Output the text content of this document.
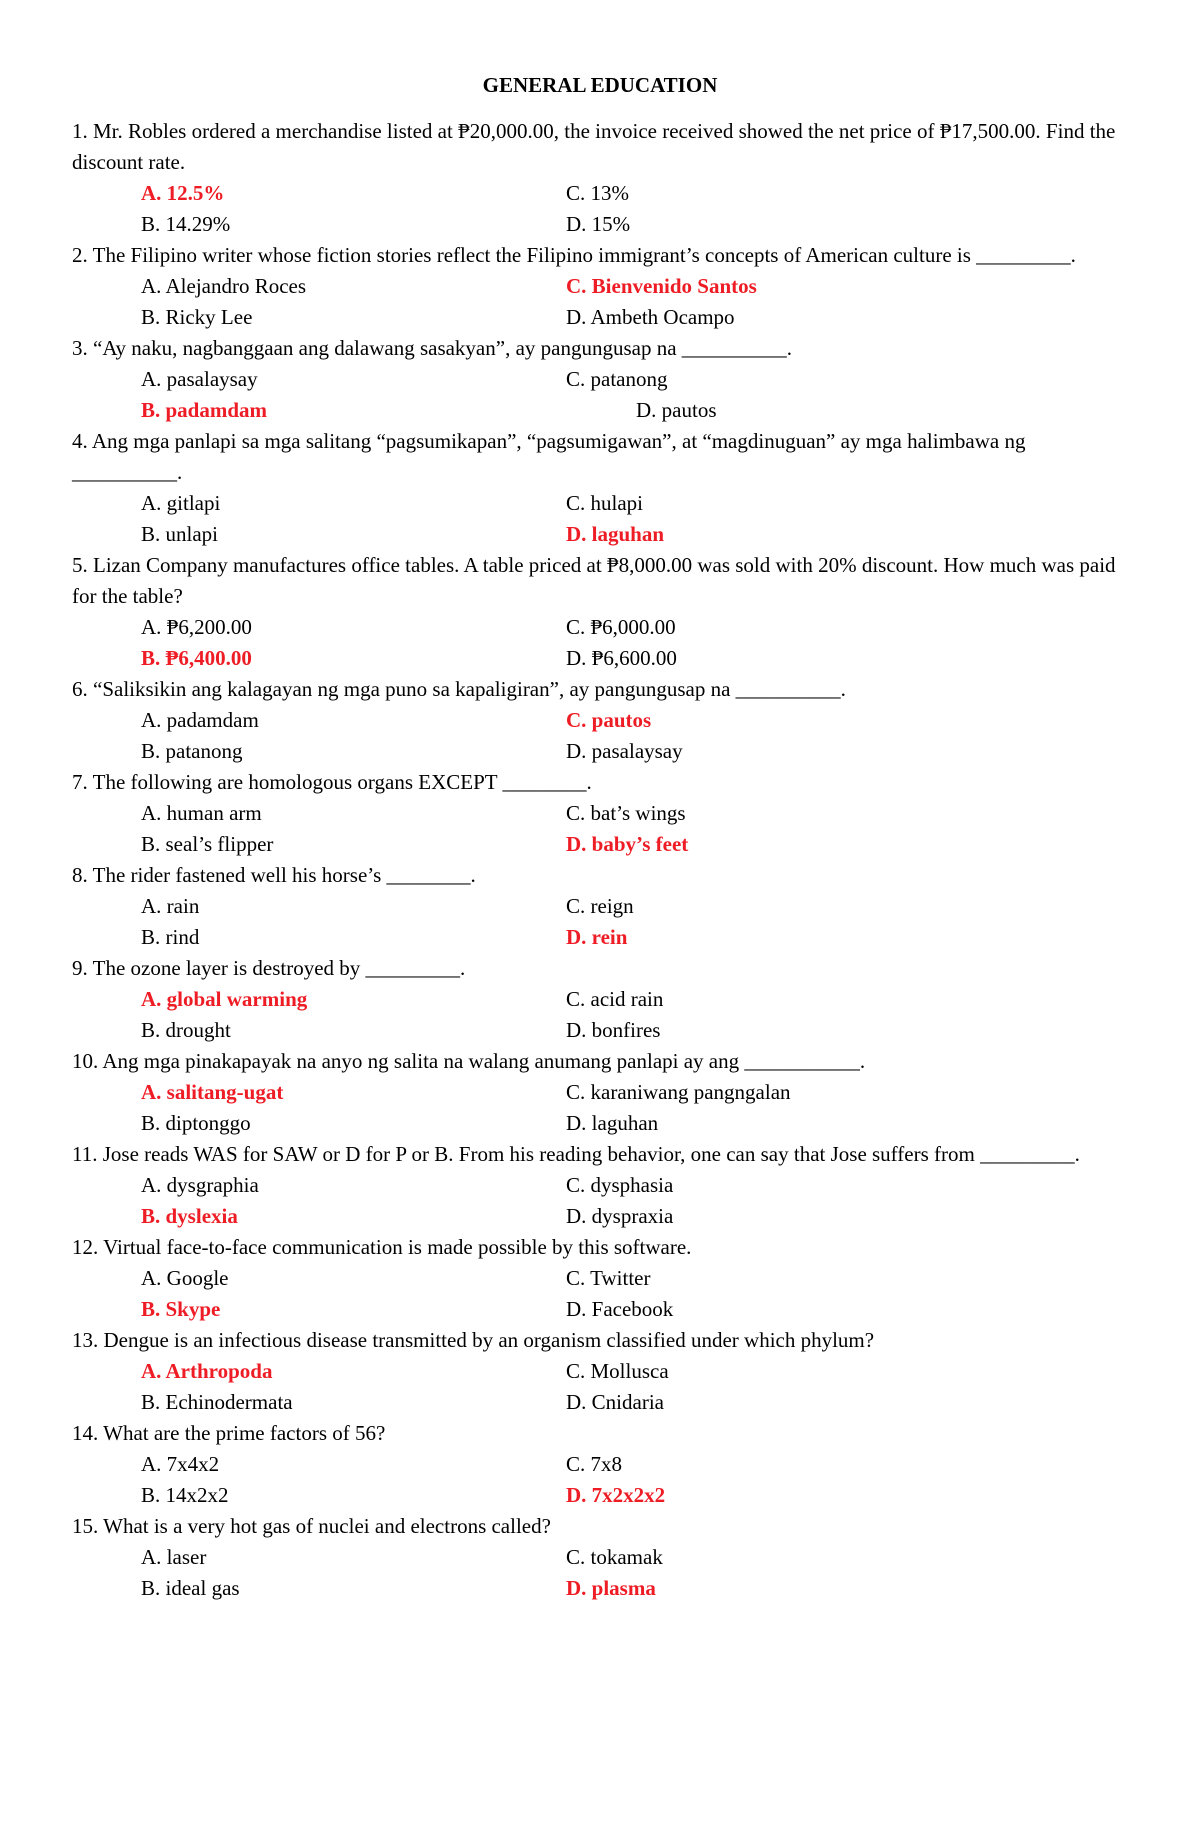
GENERAL EDUCATION
1. Mr. Robles ordered a merchandise listed at ₱20,000.00, the invoice received showed the net price of ₱17,500.00. Find the discount rate.
A. 12.5%	C. 13%
B. 14.29%	D. 15%
2. The Filipino writer whose fiction stories reflect the Filipino immigrant’s concepts of American culture is _________.
A. Alejandro Roces	C. Bienvenido Santos
B. Ricky Lee	D. Ambeth Ocampo
3. “Ay naku, nagbanggaan ang dalawang sasakyan”, ay pangungusap na __________.
A. pasalaysay	C. patanong
B. padamdam	D. pautos
4. Ang mga panlapi sa mga salitang “pagsumikapan”, “pagsumigawan”, at “magdinuguan” ay mga halimbawa ng __________.
A. gitlapi	C. hulapi
B. unlapi	D. laguhan
5. Lizan Company manufactures office tables. A table priced at ₱8,000.00 was sold with 20% discount. How much was paid for the table?
A. ₱6,200.00	C. ₱6,000.00
B. ₱6,400.00	D. ₱6,600.00
6. “Saliksikin ang kalagayan ng mga puno sa kapaligiran”, ay pangungusap na __________.
A. padamdam	C. pautos
B. patanong	D. pasalaysay
7. The following are homologous organs EXCEPT ________.
A. human arm	C. bat’s wings
B. seal’s flipper	D. baby’s feet
8. The rider fastened well his horse’s ________.
A. rain	C. reign
B. rind	D. rein
9. The ozone layer is destroyed by _________.
A. global warming	C. acid rain
B. drought	D. bonfires
10. Ang mga pinakapayak na anyo ng salita na walang anumang panlapi ay ang ___________.
A. salitang-ugat	C. karaniwang pangngalan
B. diptonggo	D. laguhan
11. Jose reads WAS for SAW or D for P or B. From his reading behavior, one can say that Jose suffers from _________.
A. dysgraphia	C. dysphasia
B. dyslexia	D. dyspraxia
12. Virtual face-to-face communication is made possible by this software.
A. Google	C. Twitter
B. Skype	D. Facebook
13. Dengue is an infectious disease transmitted by an organism classified under which phylum?
A. Arthropoda	C. Mollusca
B. Echinodermata	D. Cnidaria
14. What are the prime factors of 56?
A. 7x4x2	C. 7x8
B. 14x2x2	D. 7x2x2x2
15. What is a very hot gas of nuclei and electrons called?
A. laser	C. tokamak
B. ideal gas	D. plasma
